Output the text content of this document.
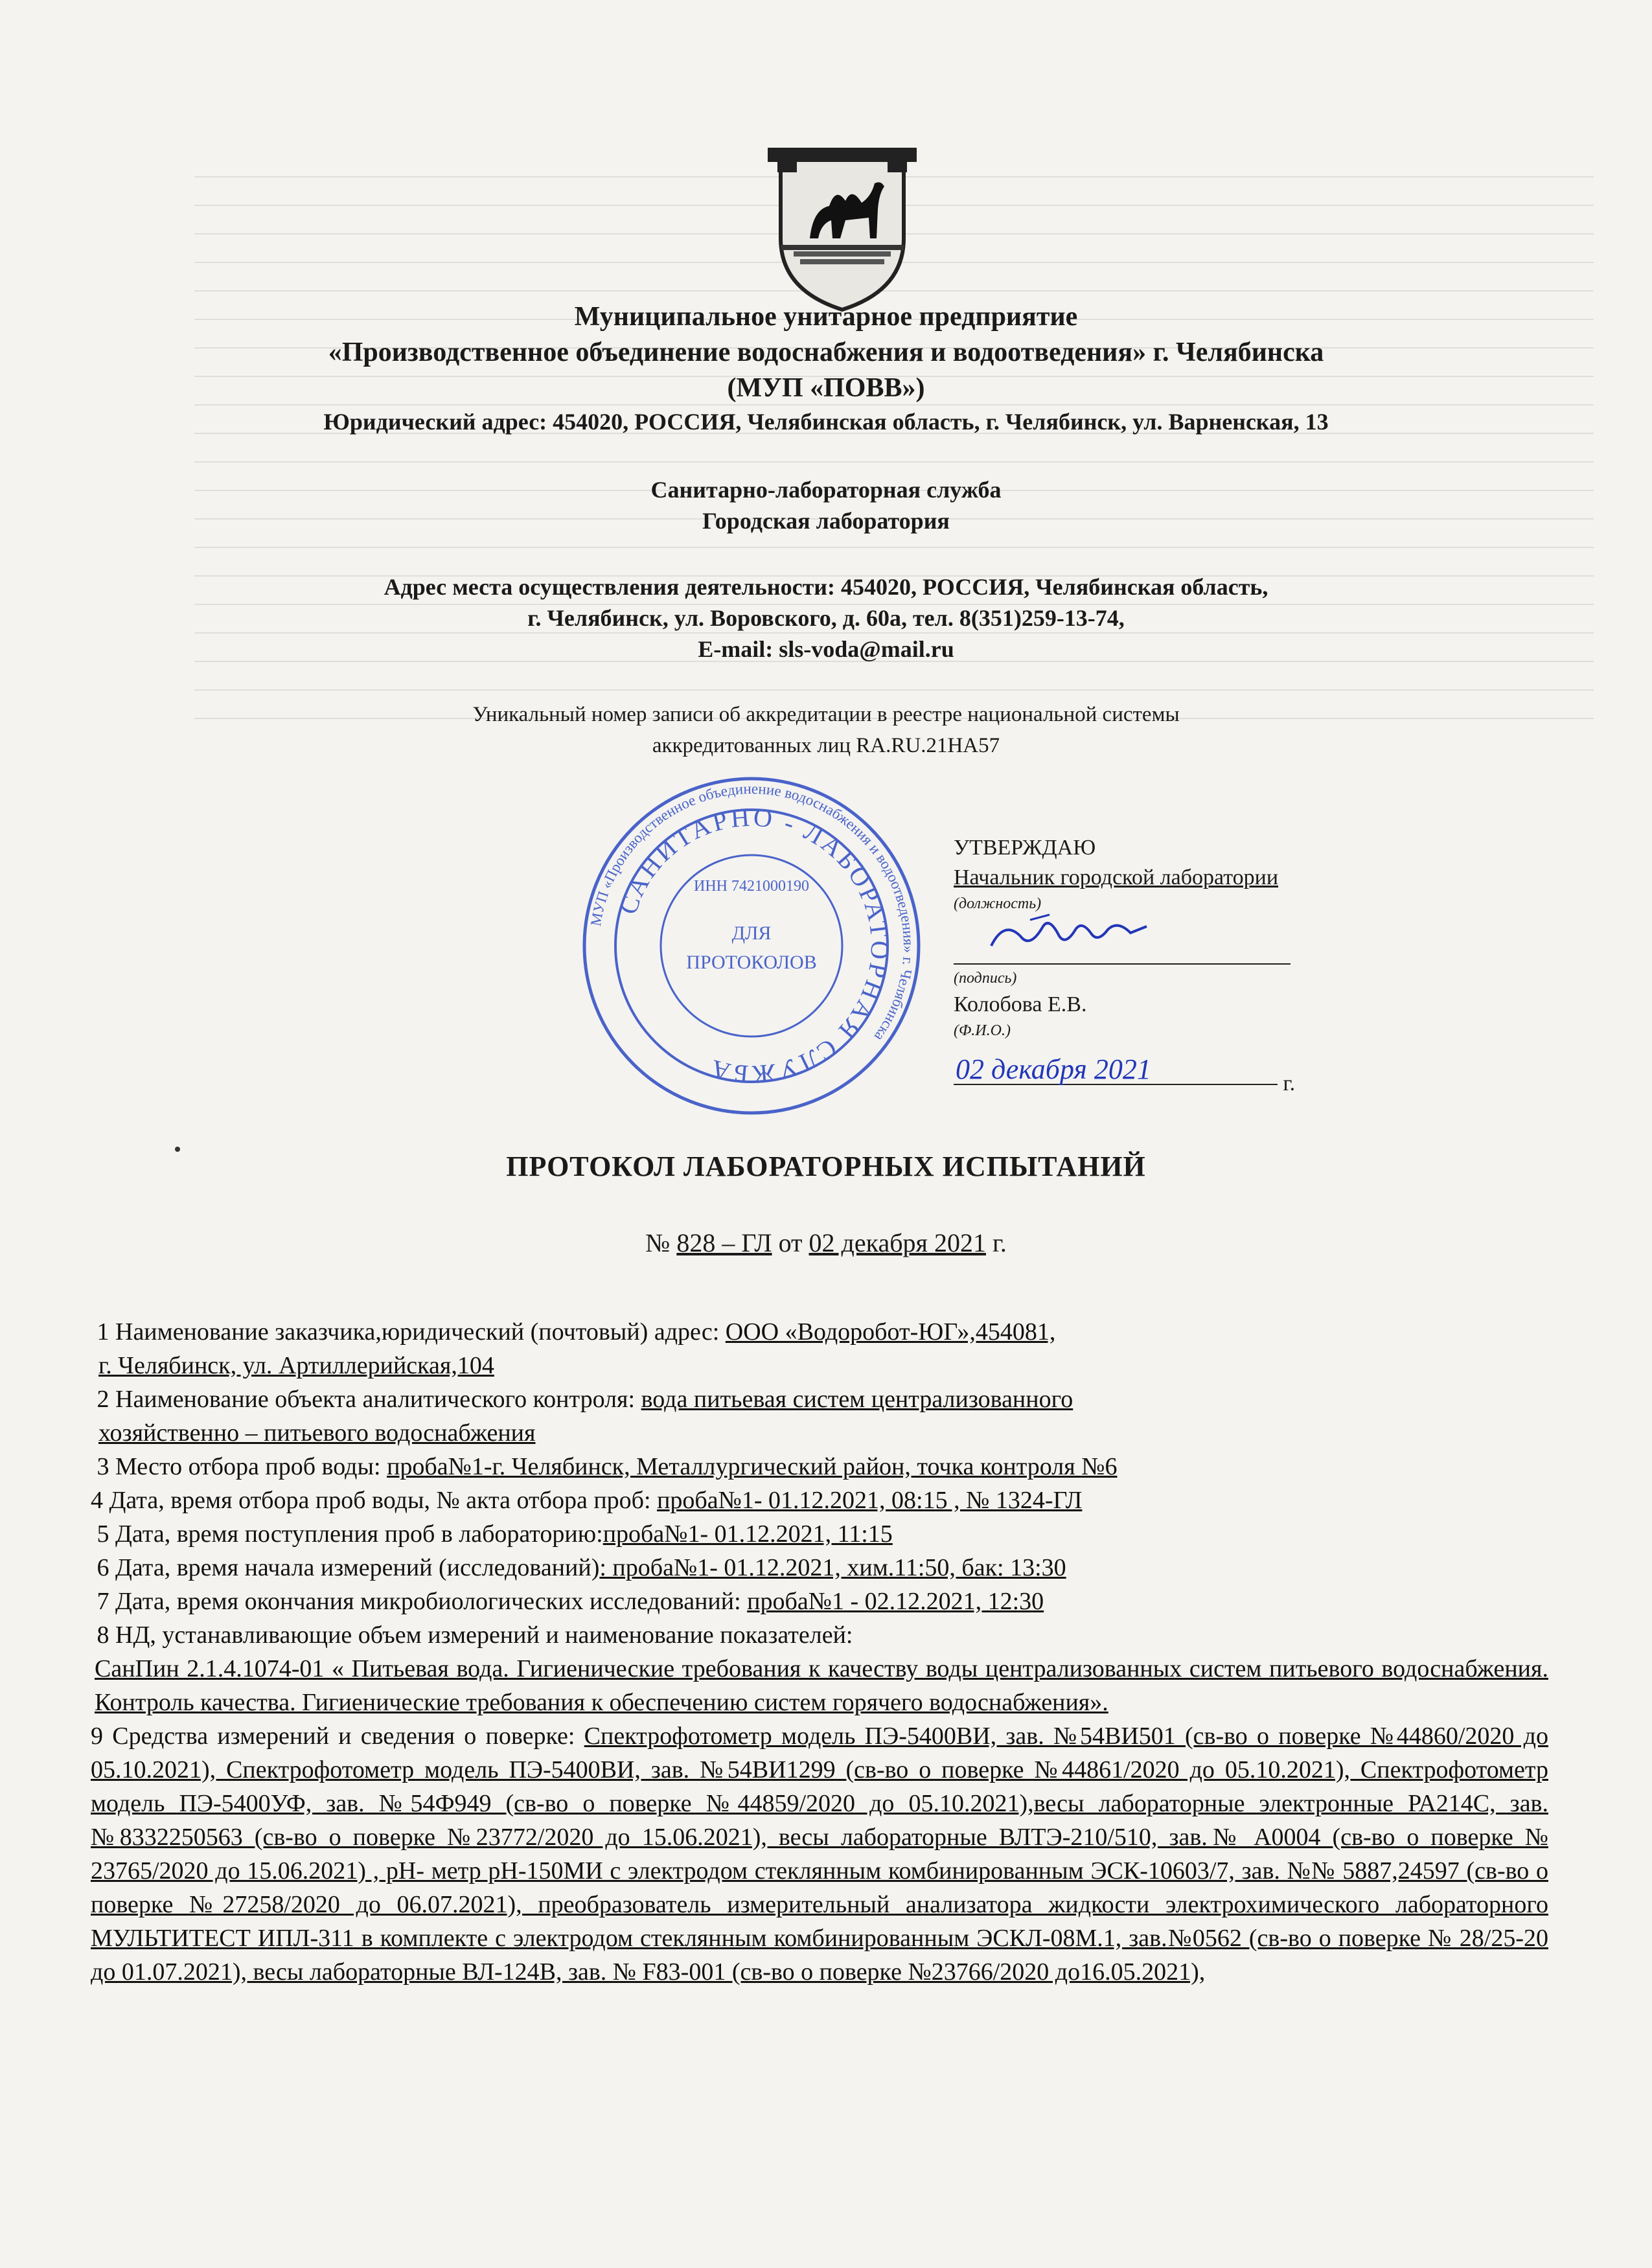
Муниципальное унитарное предприятие
«Производственное объединение водоснабжения и водоотведения» г. Челябинска
(МУП «ПОВВ»)
Юридический адрес: 454020, РОССИЯ, Челябинская область, г. Челябинск, ул. Варненская, 13
Санитарно-лабораторная служба
Городская лаборатория
Адрес места осуществления деятельности: 454020, РОССИЯ, Челябинская область,
г. Челябинск, ул. Воровского, д. 60а, тел. 8(351)259-13-74,
E-mail: sls-voda@mail.ru
Уникальный номер записи об аккредитации в реестре национальной системы
аккредитованных лиц RA.RU.21НА57
МУП «Производственное объединение водоснабжения и водоотведения» г. Челябинска
САНИТАРНО - ЛАБОРАТОРНАЯ СЛУЖБА
ИНН 7421000190
ДЛЯ
ПРОТОКОЛОВ
УТВЕРЖДАЮ
Начальник городской лаборатории
(должность)
(подпись)
Колобова Е.В.
(Ф.И.О.)
г.
02 декабря 2021
ПРОТОКОЛ ЛАБОРАТОРНЫХ ИСПЫТАНИЙ
№ 828 – ГЛ от 02 декабря 2021 г.

1 Наименование заказчика,юридический (почтовый) адрес: ООО «Водоробот-ЮГ»,454081,

г. Челябинск, ул. Артиллерийская,104

2 Наименование объекта аналитического контроля: вода питьевая систем централизованного

хозяйственно – питьевого водоснабжения

3 Место отбора проб воды: проба№1-г. Челябинск, Металлургический район, точка контроля №6

4 Дата, время отбора проб воды, № акта отбора проб: проба№1- 01.12.2021, 08:15 , № 1324-ГЛ

5 Дата, время поступления проб в лабораторию:проба№1- 01.12.2021, 11:15

6 Дата, время начала измерений (исследований): проба№1- 01.12.2021, хим.11:50, бак: 13:30

7 Дата, время окончания микробиологических исследований: проба№1 - 02.12.2021, 12:30

8 НД, устанавливающие объем измерений и наименование показателей:

СанПин 2.1.4.1074-01 « Питьевая вода. Гигиенические требования к качеству воды централизованных систем питьевого водоснабжения. Контроль качества. Гигиенические требования к обеспечению систем горячего водоснабжения».

9 Средства измерений и сведения о поверке: Спектрофотометр модель ПЭ-5400ВИ, зав. №54ВИ501 (св-во о поверке №44860/2020 до 05.10.2021), Спектрофотометр модель ПЭ-5400ВИ, зав. №54ВИ1299 (св-во о поверке №44861/2020 до 05.10.2021), Спектрофотометр модель ПЭ-5400УФ, зав. №54Ф949 (св-во о поверке №44859/2020 до 05.10.2021),весы лабораторные электронные РА214С, зав. №8332250563 (св-во о поверке №23772/2020 до 15.06.2021), весы лабораторные ВЛТЭ-210/510, зав.№ А0004 (св-во о поверке № 23765/2020 до 15.06.2021) , рН- метр рН-150МИ с электродом стеклянным комбинированным ЭСК-10603/7, зав. №№ 5887,24597 (св-во о поверке №27258/2020 до 06.07.2021), преобразователь измерительный анализатора жидкости электрохимического лабораторного МУЛЬТИТЕСТ ИПЛ-311 в комплекте с электродом стеклянным комбинированным ЭСКЛ-08М.1, зав.№0562 (св-во о поверке № 28/25-20 до 01.07.2021), весы лабораторные ВЛ-124В, зав. № F83-001 (св-во о поверке №23766/2020 до16.05.2021),
